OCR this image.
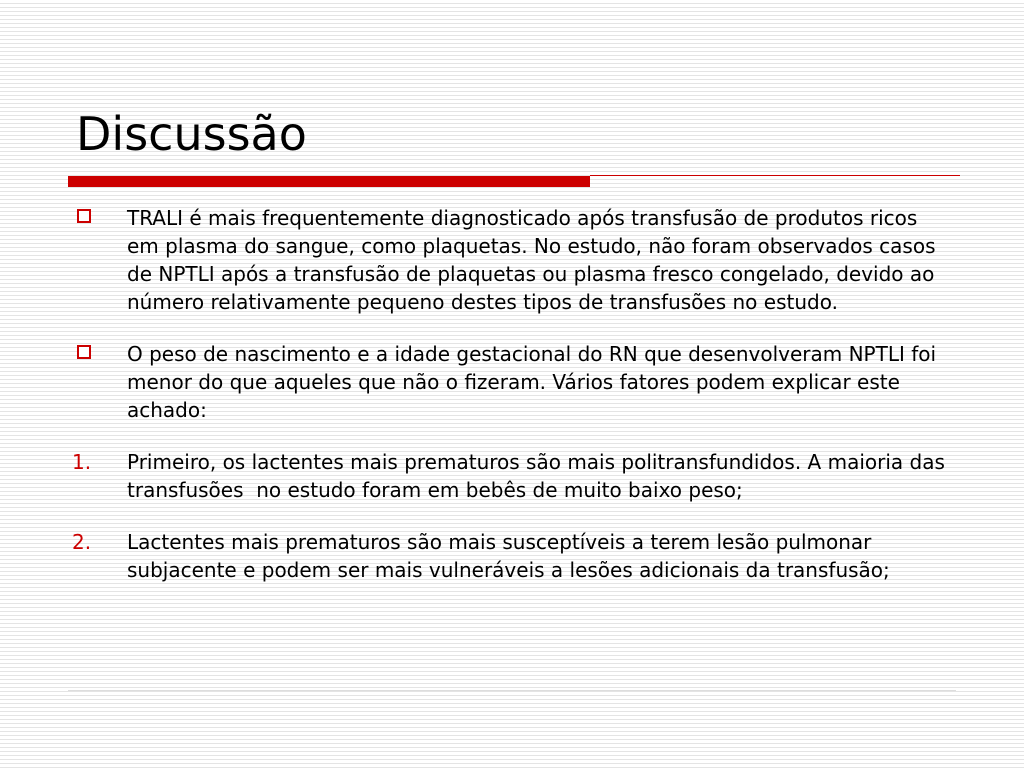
Discussão
TRALI é mais frequentemente diagnosticado após transfusão de produtos ricos em plasma do sangue, como plaquetas. No estudo, não foram observados casos de NPTLI após a transfusão de plaquetas ou plasma fresco congelado, devido ao número relativamente pequeno destes tipos de transfusões no estudo.
O peso de nascimento e a idade gestacional do RN que desenvolveram NPTLI foi menor do que aqueles que não o fizeram. Vários fatores podem explicar este achado:
1. Primeiro, os lactentes mais prematuros são mais politransfundidos. A maioria das transfusões  no estudo foram em bebês de muito baixo peso;
2. Lactentes mais prematuros são mais susceptíveis a terem lesão pulmonar subjacente e podem ser mais vulneráveis a lesões adicionais da transfusão;
